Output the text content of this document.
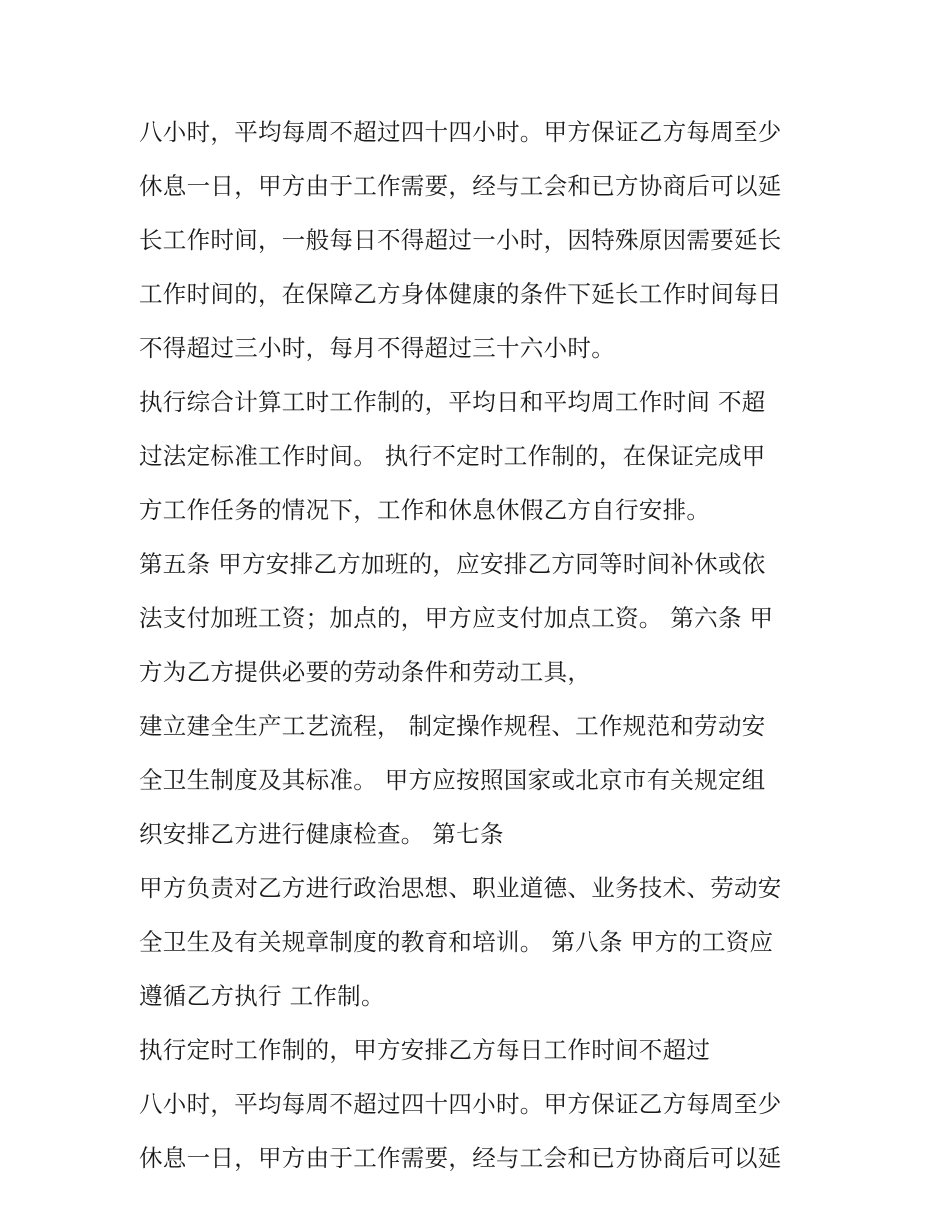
八小时，平均每周不超过四十四小时。甲方保证乙方每周至少
休息一日，甲方由于工作需要，经与工会和已方协商后可以延
长工作时间，一般每日不得超过一小时，因特殊原因需要延长
工作时间的，在保障乙方身体健康的条件下延长工作时间每日
不得超过三小时，每月不得超过三十六小时。
执行综合计算工时工作制的，平均日和平均周工作时间 不超
过法定标准工作时间。 执行不定时工作制的，在保证完成甲
方工作任务的情况下，工作和休息休假乙方自行安排。
第五条 甲方安排乙方加班的，应安排乙方同等时间补休或依
法支付加班工资；加点的，甲方应支付加点工资。 第六条 甲
方为乙方提供必要的劳动条件和劳动工具，
建立建全生产工艺流程， 制定操作规程、工作规范和劳动安
全卫生制度及其标准。 甲方应按照国家或北京市有关规定组
织安排乙方进行健康检查。 第七条
甲方负责对乙方进行政治思想、职业道德、业务技术、劳动安
全卫生及有关规章制度的教育和培训。 第八条 甲方的工资应
遵循乙方执行 工作制。
执行定时工作制的，甲方安排乙方每日工作时间不超过
八小时，平均每周不超过四十四小时。甲方保证乙方每周至少
休息一日，甲方由于工作需要，经与工会和已方协商后可以延
